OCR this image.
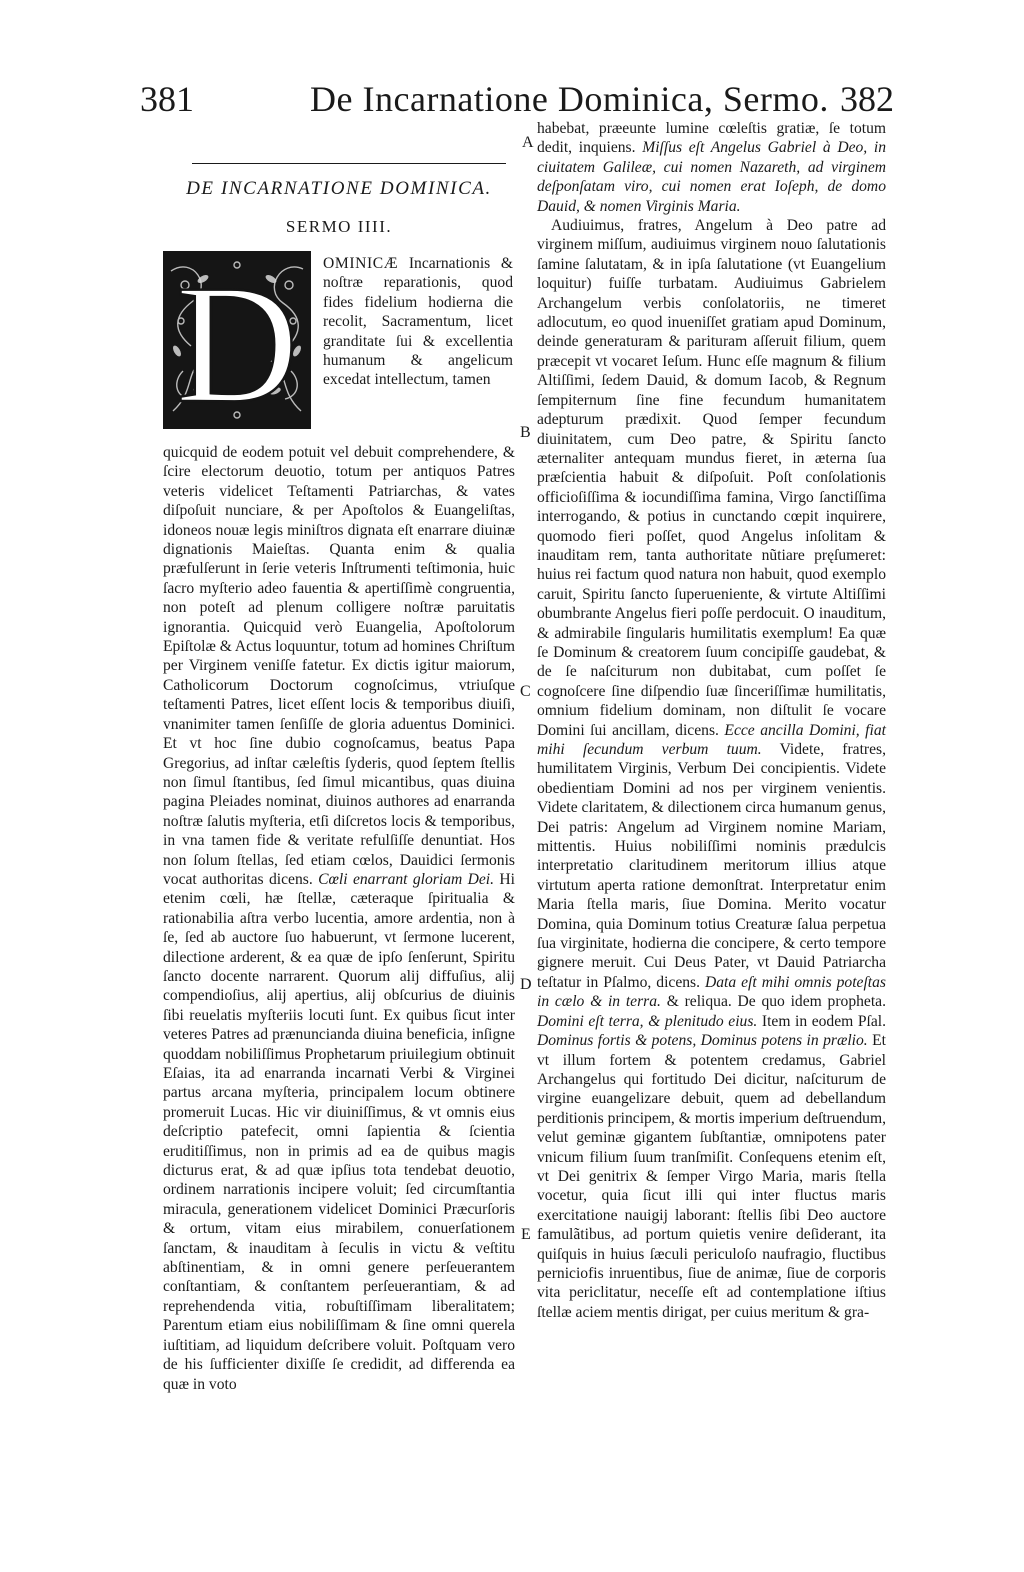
381	De Incarnatione Dominica, Sermo. 382
DE INCARNATIONE DOMINICA.
SERMO IIII.
D OMINICÆ Incarnationis & noſtræ reparationis, quod fides fidelium hodierna die recolit, Sacramentum, licet granditate ſui & excellentia humanum & angelicum excedat intellectum, tamen

quicquid de eodem potuit vel debuit comprehendere, & ſcire electorum deuotio, totum per antiquos Patres veteris videlicet Teſtamenti Patriarchas, & vates diſpoſuit nunciare, & per Apoſtolos & Euangeliſtas, idoneos nouæ legis miniſtros dignata eſt enarrare diuinæ dignationis Maieſtas. Quanta enim & qualia præfulſerunt in ſerie veteris Inſtrumenti teſtimonia, huic ſacro myſterio adeo fauentia & apertiſſimè congruentia, non poteſt ad plenum colligere noſtræ paruitatis ignorantia. Quicquid verò Euangelia, Apoſtolorum Epiſtolæ & Actus loquuntur, totum ad homines Chriſtum per Virginem veniſſe fatetur. Ex dictis igitur maiorum, Catholicorum Doctorum cognoſcimus, vtriuſque teſtamenti Patres, licet eſſent locis & temporibus diuiſi, vnanimiter tamen ſenſiſſe de gloria aduentus Dominici. Et vt hoc ſine dubio cognoſcamus, beatus Papa Gregorius, ad inſtar cæleſtis ſyderis, quod ſeptem ſtellis non ſimul ſtantibus, ſed ſimul micantibus, quas diuina pagina Pleiades nominat, diuinos authores ad enarranda noſtræ ſalutis myſteria, etſi diſcretos locis & temporibus, in vna tamen fide & veritate refulſiſſe denuntiat. Hos non ſolum ſtellas, ſed etiam cœlos, Dauidici ſermonis vocat authoritas dicens. Cœli enarrant gloriam Dei. Hi etenim cœli, hæ ſtellæ, cæteraque ſpiritualia & rationabilia aſtra verbo lucentia, amore ardentia, non à ſe, ſed ab auctore ſuo habuerunt, vt ſermone lucerent, dilectione arderent, & ea quæ de ipſo ſenſerunt, Spiritu ſancto docente narrarent. Quorum alij diffuſius, alij compendioſius, alij apertius, alij obſcurius de diuinis ſibi reuelatis myſteriis locuti ſunt. Ex quibus ſicut inter veteres Patres ad prænuncianda diuina beneficia, inſigne quoddam nobiliſſimus Prophetarum priuilegium obtinuit Eſaias, ita ad enarranda incarnati Verbi & Virginei partus arcana myſteria, principalem locum obtinere promeruit Lucas. Hic vir diuiniſſimus, & vt omnis eius deſcriptio patefecit, omni ſapientia & ſcientia eruditiſſimus, non in primis ad ea de quibus magis dicturus erat, & ad quæ ipſius tota tendebat deuotio, ordinem narrationis incipere voluit; ſed circumſtantia miracula, generationem videlicet Dominici Præcurſoris & ortum, vitam eius mirabilem, conuerſationem ſanctam, & inauditam à ſeculis in victu & veſtitu abſtinentiam, & in omni genere perſeuerantem conſtantiam, & conſtantem perſeuerantiam, & ad reprehendenda vitia, robuſtiſſimam liberalitatem; Parentum etiam eius nobiliſſimam & ſine omni querela iuſtitiam, ad liquidum deſcribere voluit. Poſtquam vero de his ſufficienter dixiſſe ſe credidit, ad differenda ea quæ in voto

habebat, præeunte lumine cœleſtis gratiæ, ſe totum dedit, inquiens. Miſſus eſt Angelus Gabriel à Deo, in ciuitatem Galileæ, cui nomen Nazareth, ad virginem deſponſatam viro, cui nomen erat Ioſeph, de domo Dauid, & nomen Virginis Maria.

Audiuimus, fratres, Angelum à Deo patre ad virginem miſſum, audiuimus virginem nouo ſalutationis ſamine ſalutatam, & in ipſa ſalutatione (vt Euangelium loquitur) fuiſſe turbatam. Audiuimus Gabrielem Archangelum verbis conſolatoriis, ne timeret adlocutum, eo quod inueniſſet gratiam apud Dominum, deinde generaturam & parituram aſſeruit filium, quem præcepit vt vocaret Ieſum. Hunc eſſe magnum & filium Altiſſimi, ſedem Dauid, & domum Iacob, & Regnum ſempiternum ſine fine fecundum humanitatem adepturum prædixit. Quod ſemper fecundum diuinitatem, cum Deo patre, & Spiritu ſancto æternaliter antequam mundus fieret, in æterna ſua præſcientia habuit & diſpoſuit. Poſt conſolationis officioſiſſima & iocundiſſima famina, Virgo ſanctiſſima interrogando, & potius in cunctando cœpit inquirere, quomodo fieri poſſet, quod Angelus inſolitam & inauditam rem, tanta authoritate nũtiare pręſumeret: huius rei factum quod natura non habuit, quod exemplo caruit, Spiritu ſancto ſuperueniente, & virtute Altiſſimi obumbrante Angelus fieri poſſe perdocuit. O inauditum, & admirabile ſingularis humilitatis exemplum! Ea quæ ſe Dominum & creatorem ſuum concipiſſe gaudebat, & de ſe naſciturum non dubitabat, cum poſſet ſe cognoſcere ſine diſpendio ſuæ ſinceriſſimæ humilitatis, omnium fidelium dominam, non diſtulit ſe vocare Domini ſui ancillam, dicens. Ecce ancilla Domini, fiat mihi ſecundum verbum tuum. Videte, fratres, humilitatem Virginis, Verbum Dei concipientis. Videte obedientiam Domini ad nos per virginem venientis. Videte claritatem, & dilectionem circa humanum genus, Dei patris: Angelum ad Virginem nomine Mariam, mittentis. Huius nobiliſſimi nominis prædulcis interpretatio claritudinem meritorum illius atque virtutum aperta ratione demonſtrat. Interpretatur enim Maria ſtella maris, ſiue Domina. Merito vocatur Domina, quia Dominum totius Creaturæ ſalua perpetua ſua virginitate, hodierna die concipere, & certo tempore gignere meruit. Cui Deus Pater, vt Dauid Patriarcha teſtatur in Pſalmo, dicens. Data eſt mihi omnis poteſtas in cælo & in terra. & reliqua. De quo idem propheta. Domini eſt terra, & plenitudo eius. Item in eodem Pſal. Dominus fortis & potens, Dominus potens in prælio. Et vt illum fortem & potentem credamus, Gabriel Archangelus qui fortitudo Dei dicitur, naſciturum de virgine euangelizare debuit, quem ad debellandum perditionis principem, & mortis imperium deſtruendum, velut geminæ gigantem ſubſtantiæ, omnipotens pater vnicum filium ſuum tranſmiſit. Conſequens etenim eſt, vt Dei genitrix & ſemper Virgo Maria, maris ſtella vocetur, quia ſicut illi qui inter fluctus maris exercitatione nauigij laborant: ſtellis ſibi Deo auctore famulãtibus, ad portum quietis venire deſiderant, ita quiſquis in huius ſæculi periculoſo naufragio, fluctibus perniciofis inruentibus, ſiue de animæ, ſiue de corporis vita periclitatur, neceſſe eſt ad contemplatione iſtius ſtellæ aciem mentis dirigat, per cuius meritum & gra-

A
B
C
D
E
